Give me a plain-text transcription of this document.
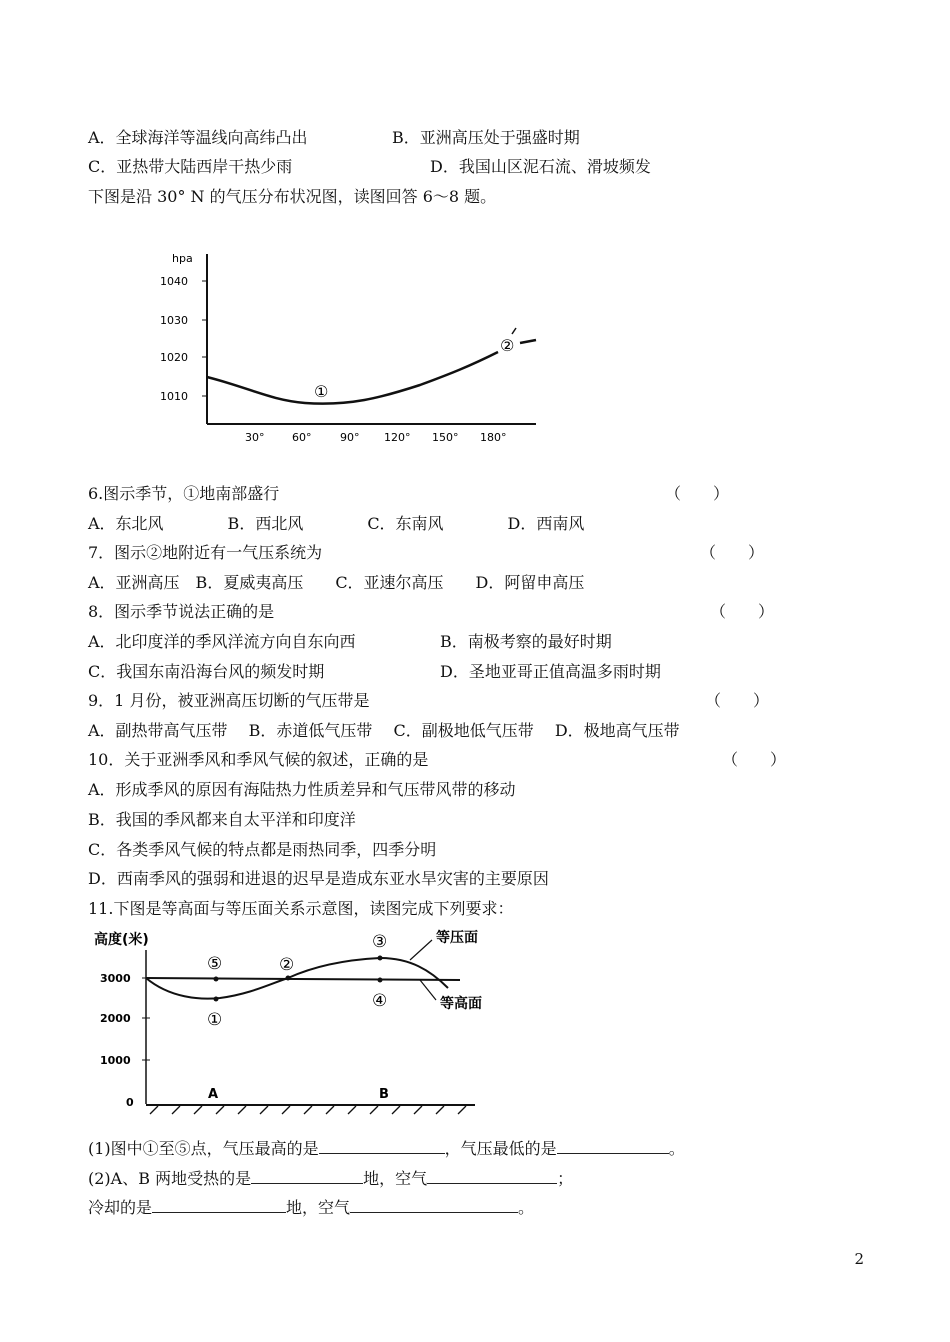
A．全球海洋等温线向高纬凸出	B．亚洲高压处于强盛时期
C．亚热带大陆西岸干热少雨	D．我国山区泥石流、滑坡频发
下图是沿 30° N 的气压分布状况图，读图回答 6～8 题。
hpa
1040
1030
1020
1010
30°	60°	90° 120° 150° 180°
①
②
6.图示季节，①地南部盛行	（　　）
A．东北风　　　　B．西北风　　　　C．东南风　　　　D．西南风
7．图示②地附近有一气压系统为	（　　）
A．亚洲高压　B．夏威夷高压　　C．亚速尔高压　　D．阿留申高压
8．图示季节说法正确的是	（　　）
A．北印度洋的季风洋流方向自东向西	B．南极考察的最好时期
C．我国东南沿海台风的频发时期	D．圣地亚哥正值高温多雨时期
9．1 月份，被亚洲高压切断的气压带是	（　　）
A．副热带高气压带　 B．赤道低气压带　 C．副极地低气压带　 D．极地高气压带
10．关于亚洲季风和季风气候的叙述，正确的是	（　　）
A．形成季风的原因有海陆热力性质差异和气压带风带的移动
B．我国的季风都来自太平洋和印度洋
C．各类季风气候的特点都是雨热同季，四季分明
D．西南季风的强弱和进退的迟早是造成东亚水旱灾害的主要原因
11.下图是等高面与等压面关系示意图，读图完成下列要求：
高度(米)
3000
2000
1000
0
等压面
等高面
①
②
③
④
⑤
A	B
(1)图中①至⑤点，气压最高的是	，气压最低的是	。
(2)A、B 两地受热的是	地，空气	；
冷却的是	地，空气	。
2
